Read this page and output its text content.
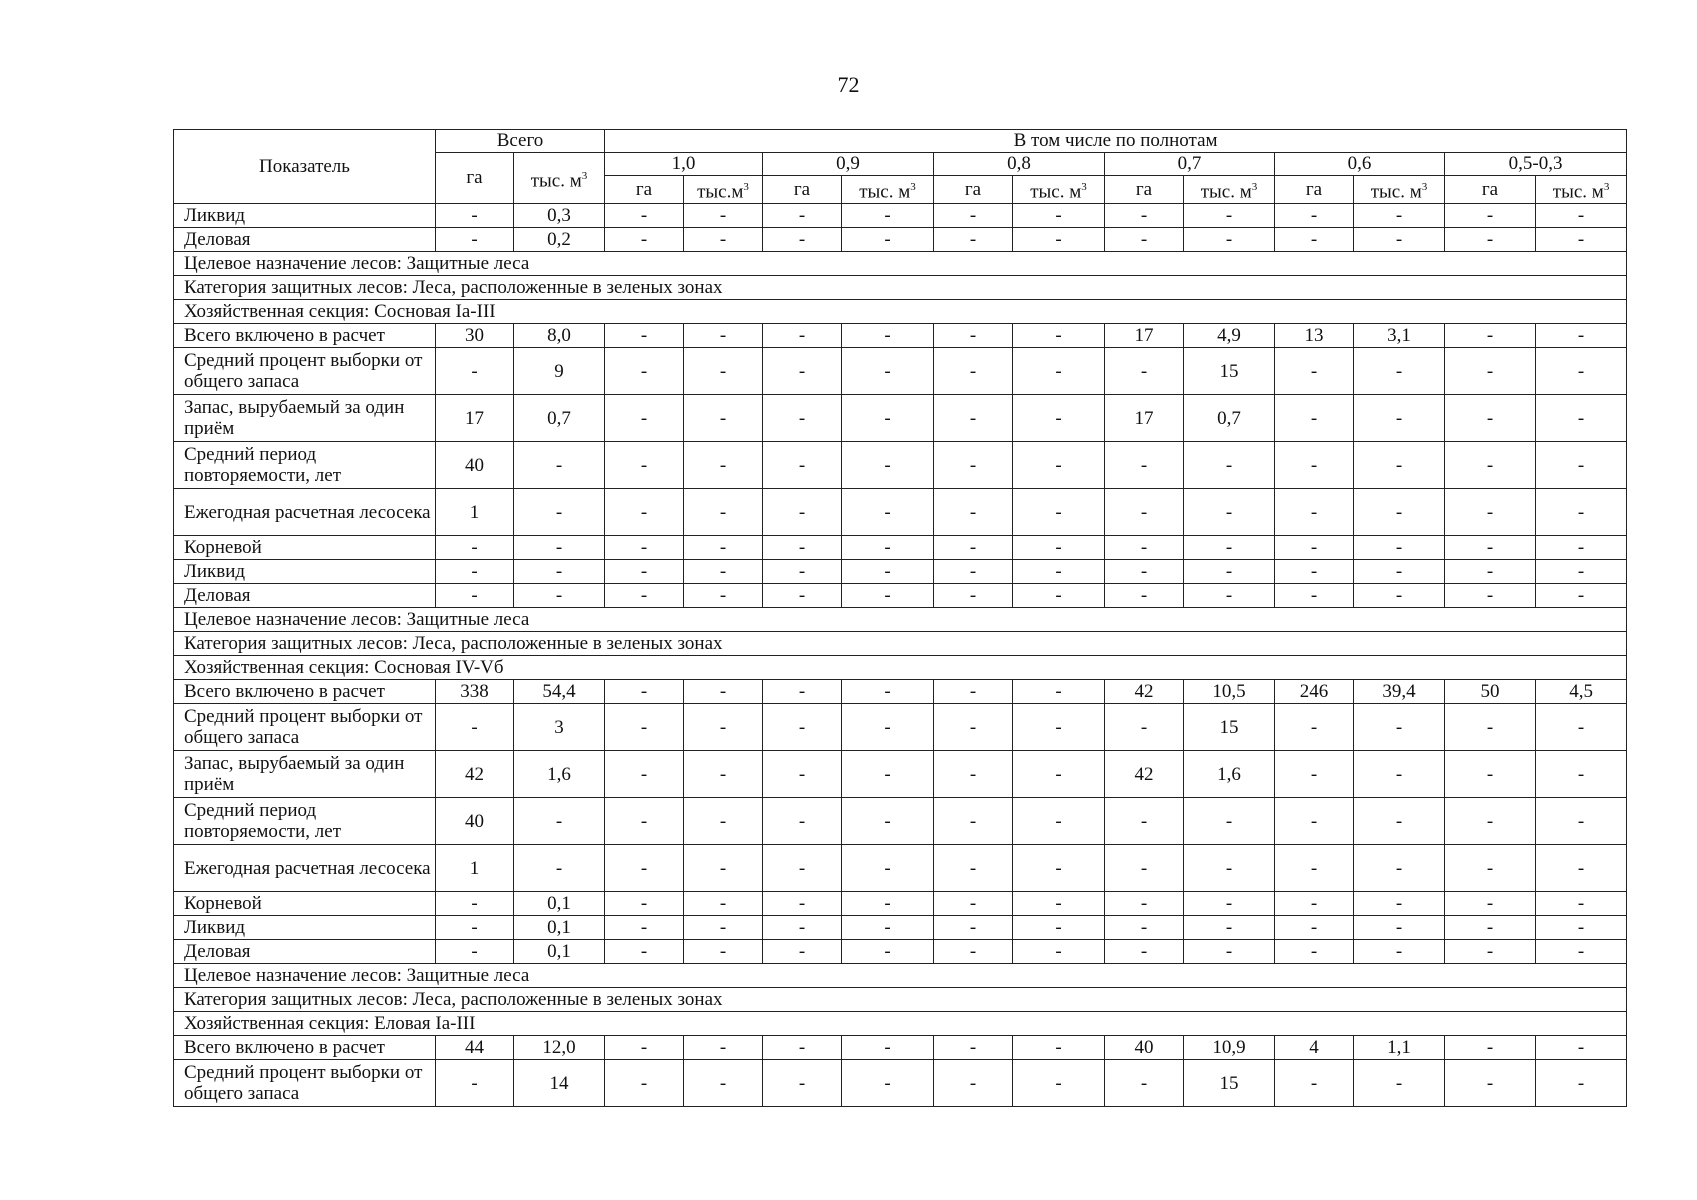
72
Показатель	Всего		В том числе по полнотам											
	га	тыс. $м^3$	1,0		0,9		0,8		0,7		0,6		0,5-0,3	
			га	$тыс.м^3$	га	тыс. $м^3$	га	тыс. $м^3$	га	тыс. $м^3$	га	тыс. $м^3$	га	тыс. $м^3$
Ликвид	-	0,3	-	-	-	-	-	-	-	-	-	-	-	-
Деловая	-	0,2	-	-	-	-	-	-	-	-	-	-	-	-
Целевое назначение лесов: Защитные леса														
Категория защитных лесов: Леса, расположенные в зеленых зонах														
Хозяйственная секция: Сосновая Ia-III														
Всего включено в расчет	30	8,0	-	-	-	-	-	-	17	4,9	13	3,1	-	-
Средний процент выборки от общего запаса	-	9	-	-	-	-	-	-	-	15	-	-	-	-
Запас, вырубаемый за один приём	17	0,7	-	-	-	-	-	-	17	0,7	-	-	-	-
Средний период повторяемости, лет	40	-	-	-	-	-	-	-	-	-	-	-	-	-
Ежегодная расчетная лесосека	1	-	-	-	-	-	-	-	-	-	-	-	-	-
Корневой	-	-	-	-	-	-	-	-	-	-	-	-	-	-
Ликвид	-	-	-	-	-	-	-	-	-	-	-	-	-	-
Деловая	-	-	-	-	-	-	-	-	-	-	-	-	-	-
Целевое назначение лесов: Защитные леса														
Категория защитных лесов: Леса, расположенные в зеленых зонах														
Хозяйственная секция: Сосновая IV-Vб														
Всего включено в расчет	338	54,4	-	-	-	-	-	-	42	10,5	246	39,4	50	4,5
Средний процент выборки от общего запаса	-	3	-	-	-	-	-	-	-	15	-	-	-	-
Запас, вырубаемый за один приём	42	1,6	-	-	-	-	-	-	42	1,6	-	-	-	-
Средний период повторяемости, лет	40	-	-	-	-	-	-	-	-	-	-	-	-	-
Ежегодная расчетная лесосека	1	-	-	-	-	-	-	-	-	-	-	-	-	-
Корневой	-	0,1	-	-	-	-	-	-	-	-	-	-	-	-
Ликвид	-	0,1	-	-	-	-	-	-	-	-	-	-	-	-
Деловая	-	0,1	-	-	-	-	-	-	-	-	-	-	-	-
Целевое назначение лесов: Защитные леса														
Категория защитных лесов: Леса, расположенные в зеленых зонах														
Хозяйственная секция: Еловая Ia-III														
Всего включено в расчет	44	12,0	-	-	-	-	-	-	40	10,9	4	1,1	-	-
Средний процент выборки от общего запаса	-	14	-	-	-	-	-	-	-	15	-	-	-	-
